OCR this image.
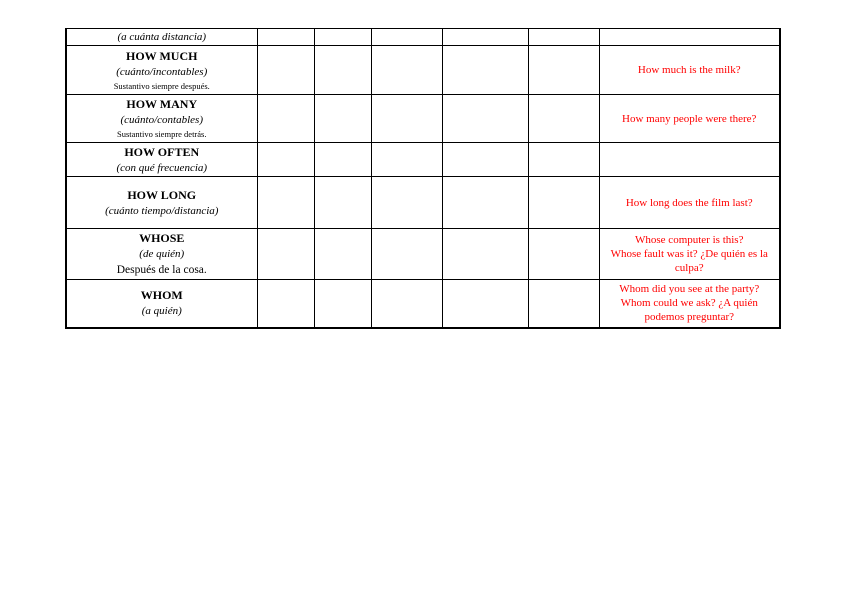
(a cuánta distancia)						

HOW MUCH
(cuánto/incontables)
Sustantivo siempre después.						How much is the milk?

HOW MANY
(cuánto/contables)
Sustantivo siempre detrás.						How many people were there?

HOW OFTEN
(con qué frecuencia)						

HOW LONG
(cuánto tiempo/distancia)						How long does the film last?

WHOSE
(de quién)
Después de la cosa.						Whose computer is this?
Whose fault was it? ¿De quién es la culpa?

WHOM
(a quién)						Whom did you see at the party?
Whom could we ask? ¿A quién podemos preguntar?
